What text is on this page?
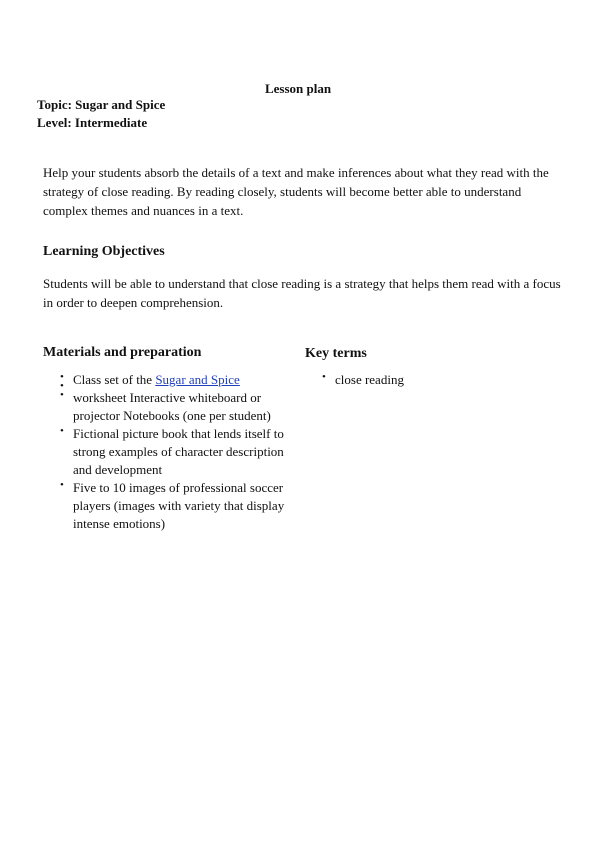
Lesson plan
Topic: Sugar and Spice
Level: Intermediate
Help your students absorb the details of a text and make inferences about what they read with the strategy of close reading. By reading closely, students will become better able to understand complex themes and nuances in a text.
Learning Objectives
Students will be able to understand that close reading is a strategy that helps them read with a focus in order to deepen comprehension.
Materials and preparation	Key terms
•
•
•
Class set of the Sugar and Spice worksheet Interactive whiteboard or projector Notebooks (one per student)
• Fictional picture book that lends itself to strong examples of character description and development
• Five to 10 images of professional soccer players (images with variety that display intense emotions)
• close reading
